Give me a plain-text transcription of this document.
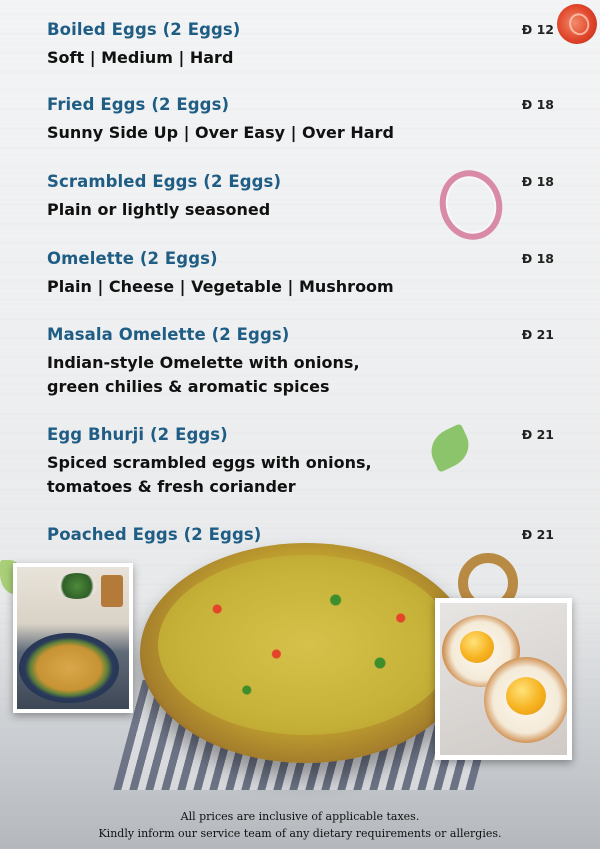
Boiled Eggs (2 Eggs)	Đ 12
Soft | Medium | Hard
Fried Eggs (2 Eggs)	Đ 18
Sunny Side Up | Over Easy | Over Hard
Scrambled Eggs (2 Eggs)	Đ 18
Plain or lightly seasoned
Omelette (2 Eggs)	Đ 18
Plain | Cheese | Vegetable | Mushroom
Masala Omelette (2 Eggs)	Đ 21
Indian-style Omelette with onions,
green chilies & aromatic spices
Egg Bhurji (2 Eggs)	Đ 21
Spiced scrambled eggs with onions,
tomatoes & fresh coriander
Poached Eggs (2 Eggs)	Đ 21
All prices are inclusive of applicable taxes.
Kindly inform our service team of any dietary requirements or allergies.
